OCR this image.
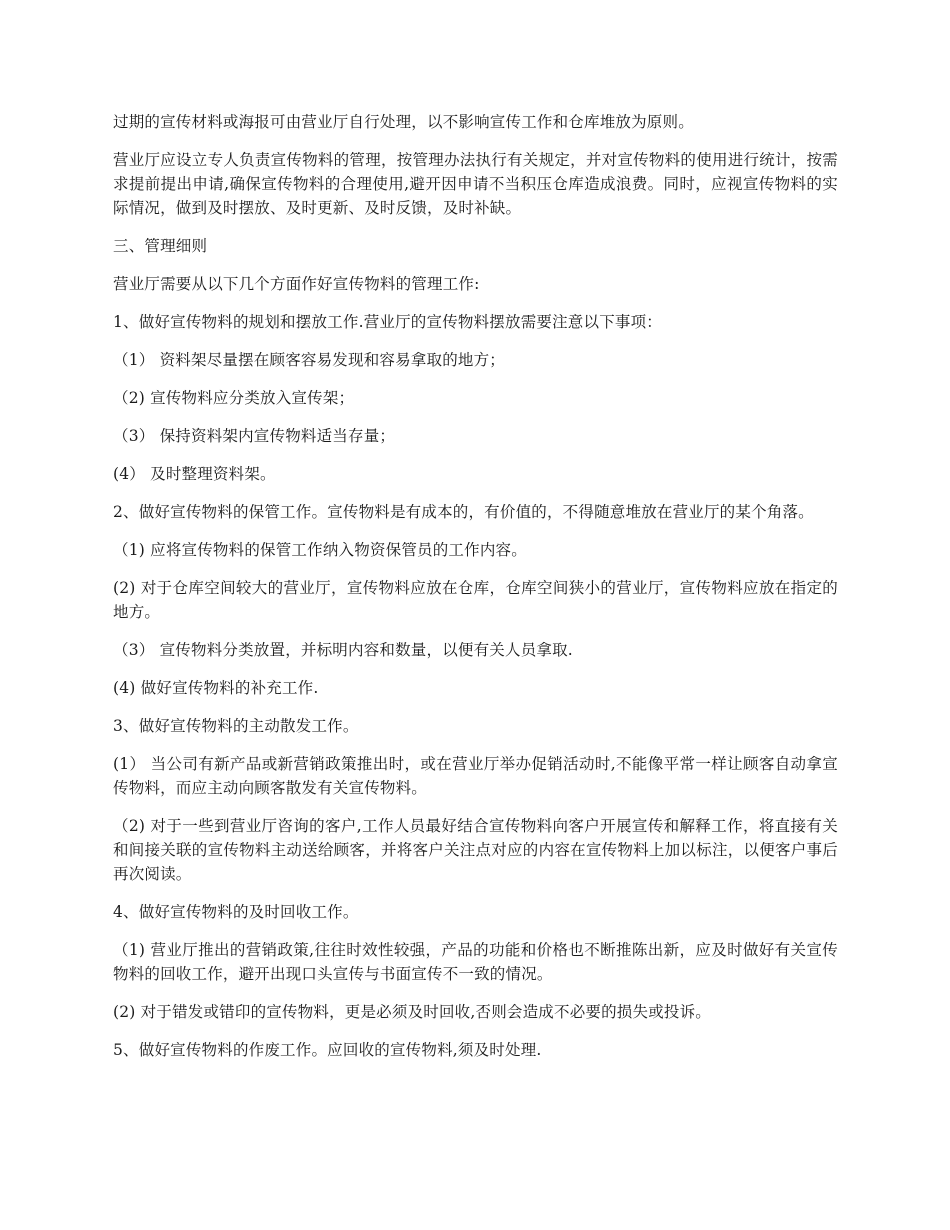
过期的宣传材料或海报可由营业厅自行处理，以不影响宣传工作和仓库堆放为原则。

营业厅应设立专人负责宣传物料的管理，按管理办法执行有关规定，并对宣传物料的使用进行统计，按需求提前提出申请,确保宣传物料的合理使用,避开因申请不当积压仓库造成浪费。同时，应视宣传物料的实际情况，做到及时摆放、及时更新、及时反馈，及时补缺。

三、管理细则

营业厅需要从以下几个方面作好宣传物料的管理工作:

1、做好宣传物料的规划和摆放工作.营业厅的宣传物料摆放需要注意以下事项：

（1） 资料架尽量摆在顾客容易发现和容易拿取的地方；

（2) 宣传物料应分类放入宣传架；

（3） 保持资料架内宣传物料适当存量；

(4） 及时整理资料架。

2、做好宣传物料的保管工作。宣传物料是有成本的，有价值的，不得随意堆放在营业厅的某个角落。

（1) 应将宣传物料的保管工作纳入物资保管员的工作内容。

(2) 对于仓库空间较大的营业厅，宣传物料应放在仓库，仓库空间狭小的营业厅，宣传物料应放在指定的地方。

（3） 宣传物料分类放置，并标明内容和数量，以便有关人员拿取.

(4) 做好宣传物料的补充工作.

3、做好宣传物料的主动散发工作。

(1） 当公司有新产品或新营销政策推出时，或在营业厅举办促销活动时,不能像平常一样让顾客自动拿宣传物料，而应主动向顾客散发有关宣传物料。

（2) 对于一些到营业厅咨询的客户,工作人员最好结合宣传物料向客户开展宣传和解释工作，将直接有关和间接关联的宣传物料主动送给顾客，并将客户关注点对应的内容在宣传物料上加以标注，以便客户事后再次阅读。

4、做好宣传物料的及时回收工作。

（1) 营业厅推出的营销政策,往往时效性较强，产品的功能和价格也不断推陈出新，应及时做好有关宣传物料的回收工作，避开出现口头宣传与书面宣传不一致的情况。

(2) 对于错发或错印的宣传物料，更是必须及时回收,否则会造成不必要的损失或投诉。

5、做好宣传物料的作废工作。应回收的宣传物料,须及时处理.
